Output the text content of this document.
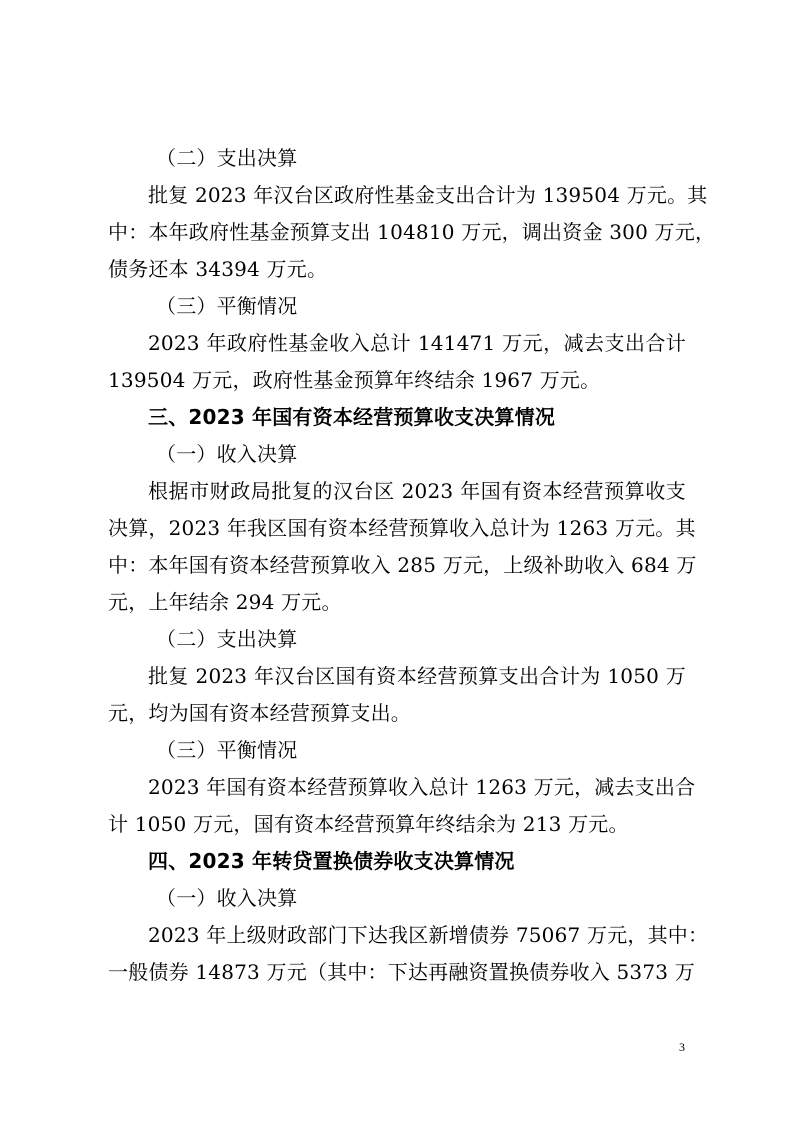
（二）支出决算
批复 2023 年汉台区政府性基金支出合计为 139504 万元。其
中：本年政府性基金预算支出 104810 万元，调出资金 300 万元，
债务还本 34394 万元。
（三）平衡情况
2023 年政府性基金收入总计 141471 万元，减去支出合计
139504 万元，政府性基金预算年终结余 1967 万元。
三、2023 年国有资本经营预算收支决算情况
（一）收入决算
根据市财政局批复的汉台区 2023 年国有资本经营预算收支
决算，2023 年我区国有资本经营预算收入总计为 1263 万元。其
中：本年国有资本经营预算收入 285 万元，上级补助收入 684 万
元，上年结余 294 万元。
（二）支出决算
批复 2023 年汉台区国有资本经营预算支出合计为 1050 万
元，均为国有资本经营预算支出。
（三）平衡情况
2023 年国有资本经营预算收入总计 1263 万元，减去支出合
计 1050 万元，国有资本经营预算年终结余为 213 万元。
四、2023 年转贷置换债券收支决算情况
（一）收入决算
2023 年上级财政部门下达我区新增债券 75067 万元，其中：
一般债券 14873 万元（其中：下达再融资置换债券收入 5373 万
3
